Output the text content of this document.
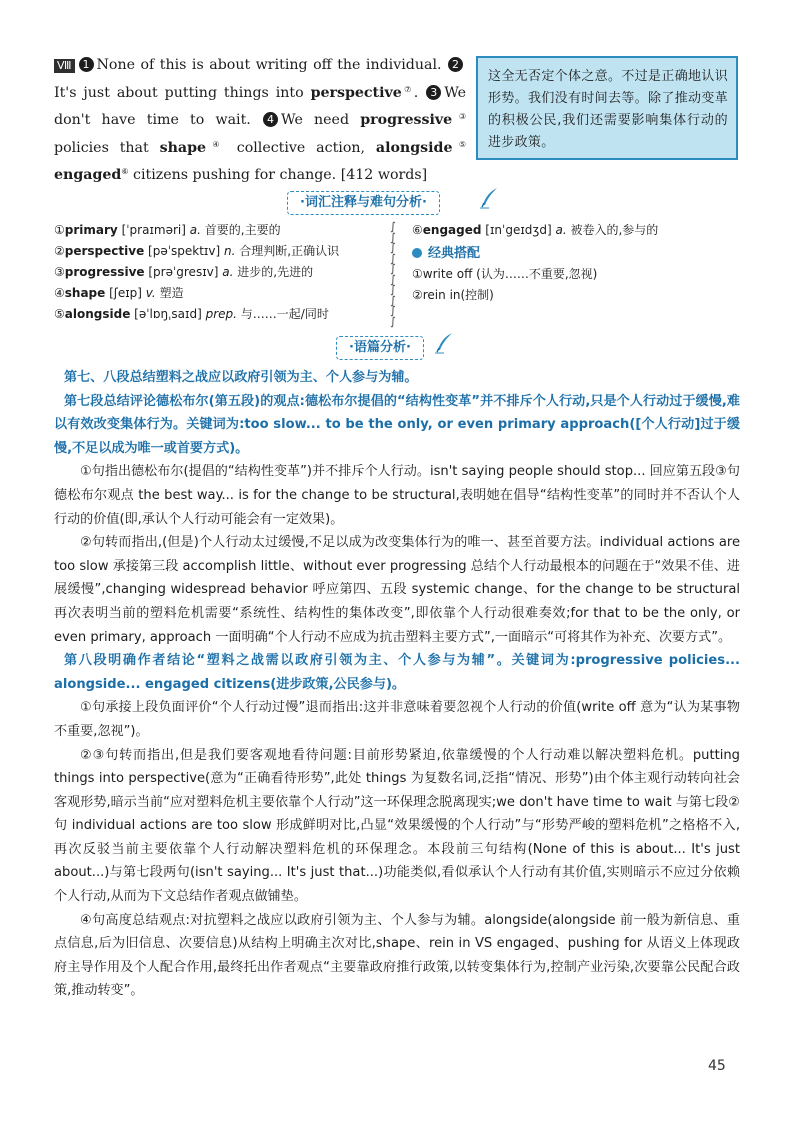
Ⅷ 1 None of this is about writing off the individual. 2 It's just about putting things into perspective⑦. 3 We don't have time to wait. 4 We need progressive③ policies that shape④ collective action, alongside⑤ engaged⑥ citizens pushing for change. [412 words]

这全无否定个体之意。不过是正确地认识形势。我们没有时间去等。除了推动变革的积极公民,我们还需要影响集体行动的进步政策。
·词汇注释与难句分析·
①primary [ˈpraɪməri] a. 首要的,主要的
②perspective [pəˈspektɪv] n. 合理判断,正确认识
③progressive [prəˈgresɪv] a. 进步的,先进的
④shape [ʃeɪp] v. 塑造
⑤alongside [əˈlɒŋˌsaɪd] prep. 与……一起/同时
∫
∫
∫
∫
∫
∫
∫
∫
∫
∫
⑥engaged [ɪnˈgeɪdʒd] a. 被卷入的,参与的
经典搭配
①write off (认为……不重要,忽视)
②rein in(控制)
·语篇分析·

第七、八段总结塑料之战应以政府引领为主、个人参与为辅。

第七段总结评论德松布尔(第五段)的观点:德松布尔提倡的“结构性变革”并不排斥个人行动,只是个人行动过于缓慢,难以有效改变集体行为。关键词为:too slow... to be the only, or even primary approach([个人行动]过于缓慢,不足以成为唯一或首要方式)。

①句指出德松布尔(提倡的“结构性变革”)并不排斥个人行动。isn't saying people should stop... 回应第五段③句德松布尔观点 the best way... is for the change to be structural,表明她在倡导“结构性变革”的同时并不否认个人行动的价值(即,承认个人行动可能会有一定效果)。

②句转而指出,(但是)个人行动太过缓慢,不足以成为改变集体行为的唯一、甚至首要方法。individual actions are too slow 承接第三段 accomplish little、without ever progressing 总结个人行动最根本的问题在于“效果不佳、进展缓慢”,changing widespread behavior 呼应第四、五段 systemic change、for the change to be structural 再次表明当前的塑料危机需要“系统性、结构性的集体改变”,即依靠个人行动很难奏效;for that to be the only, or even primary, approach 一面明确“个人行动不应成为抗击塑料主要方式”,一面暗示“可将其作为补充、次要方式”。

第八段明确作者结论“塑料之战需以政府引领为主、个人参与为辅”。关键词为:progressive policies... alongside... engaged citizens(进步政策,公民参与)。

①句承接上段负面评价“个人行动过慢”退而指出:这并非意味着要忽视个人行动的价值(write off 意为“认为某事物不重要,忽视”)。

②③句转而指出,但是我们要客观地看待问题:目前形势紧迫,依靠缓慢的个人行动难以解决塑料危机。putting things into perspective(意为“正确看待形势”,此处 things 为复数名词,泛指“情况、形势”)由个体主观行动转向社会客观形势,暗示当前“应对塑料危机主要依靠个人行动”这一环保理念脱离现实;we don't have time to wait 与第七段②句 individual actions are too slow 形成鲜明对比,凸显“效果缓慢的个人行动”与“形势严峻的塑料危机”之格格不入,再次反驳当前主要依靠个人行动解决塑料危机的环保理念。本段前三句结构(None of this is about... It's just about...)与第七段两句(isn't saying... It's just that...)功能类似,看似承认个人行动有其价值,实则暗示不应过分依赖个人行动,从而为下文总结作者观点做铺垫。

④句高度总结观点:对抗塑料之战应以政府引领为主、个人参与为辅。alongside(alongside 前一般为新信息、重点信息,后为旧信息、次要信息)从结构上明确主次对比,shape、rein in VS engaged、pushing for 从语义上体现政府主导作用及个人配合作用,最终托出作者观点“主要靠政府推行政策,以转变集体行为,控制产业污染,次要靠公民配合政策,推动转变”。

45
